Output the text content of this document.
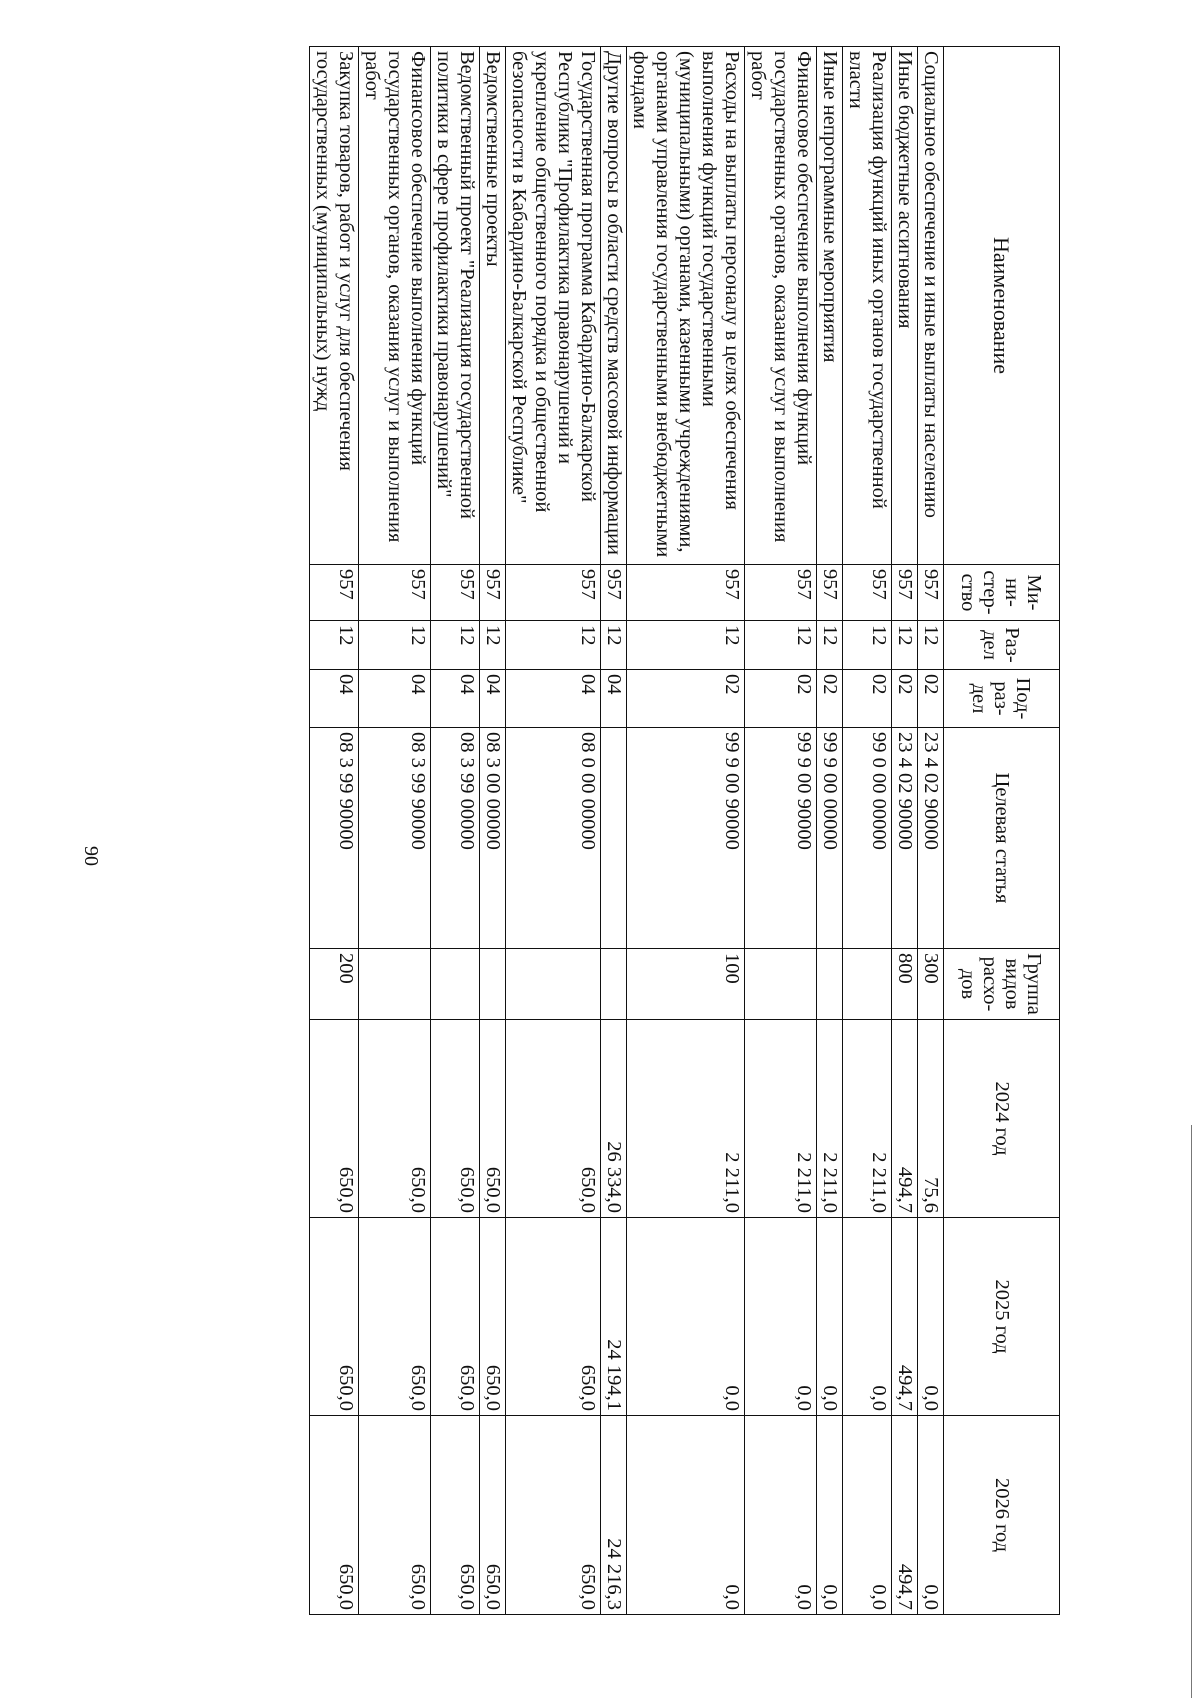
90
Наименование	Ми-ни-стер-ство	Раз-дел	Под-раз-дел	Целевая статья	Группа видов расхо-дов	2024 год	2025 год	2026 год
Социальное обеспечение и иные выплаты населению	957	12	02	23 4 02 90000	300	75,6	0,0	0,0
Иные бюджетные ассигнования	957	12	02	23 4 02 90000	800	494,7	494,7	494,7
Реализация функций иных органов государственной власти	957	12	02	99 0 00 00000		2 211,0	0,0	0,0
Иные непрограммные мероприятия	957	12	02	99 9 00 00000		2 211,0	0,0	0,0
Финансовое обеспечение выполнения функций государственных органов, оказания услуг и выполнения работ	957	12	02	99 9 00 90000		2 211,0	0,0	0,0
Расходы на выплаты персоналу в целях обеспечения выполнения функций государственными (муниципальными) органами, казенными учреждениями, органами управления государственными внебюджетными фондами	957	12	02	99 9 00 90000	100	2 211,0	0,0	0,0
Другие вопросы в области средств массовой информации	957	12	04			26 334,0	24 194,1	24 216,3
Государственная программа Кабардино-Балкарской Республики "Профилактика правонарушений и укрепление общественного порядка и общественной безопасности в Кабардино-Балкарской Республике"	957	12	04	08 0 00 00000		650,0	650,0	650,0
Ведомственные проекты	957	12	04	08 3 00 00000		650,0	650,0	650,0
Ведомственный проект "Реализация государственной политики в сфере профилактики правонарушений"	957	12	04	08 3 99 00000		650,0	650,0	650,0
Финансовое обеспечение выполнения функций государственных органов, оказания услуг и выполнения работ	957	12	04	08 3 99 90000		650,0	650,0	650,0
Закупка товаров, работ и услуг для обеспечения государственных (муниципальных) нужд	957	12	04	08 3 99 90000	200	650,0	650,0	650,0
